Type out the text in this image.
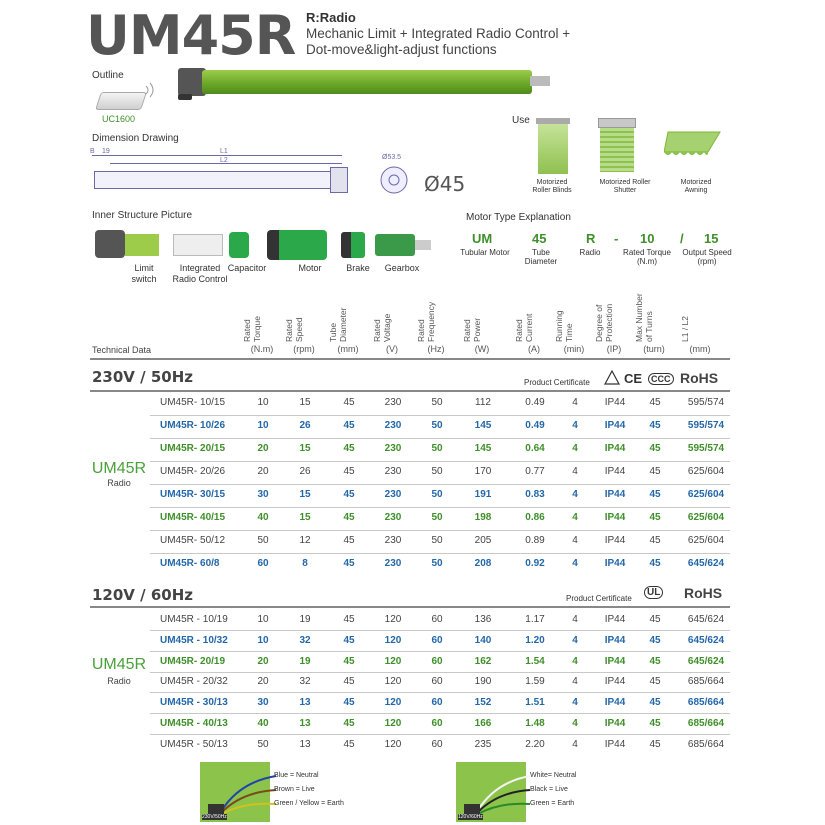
UM45R R:Radio
Mechanic Limit + Integrated Radio Control +
Dot-move&light-adjust functions
Outline
UC1600
Dimension Drawing
B 19	L1
L2	Ø53.5
Ø45
Use
Motorized
Roller Blinds
Motorized Roller
Shutter
Motorized
Awning
Inner Structure Picture
Limit
switch
Integrated
Radio Control
Capacitor	Motor	Brake	Gearbox
Motor Type Explanation
UM	45	R - 10 / 15
Tubular Motor	Tube
Diameter
Radio	Rated Torque
(N.m)
Output Speed
(rpm)
Technical Data
Rated
Torque
(N.m)
Rated
Speed
(rpm)
Tube
Diameter
(mm)
Rated
Voltage
(V)
Rated
Frequency
(Hz)
Rated
Power
(W)
Rated
Current
(A)
Running
Time
(min)
Degree of
Protection
(IP)
Max Number
of Turns
(turn)
L1 / L2
(mm)
230V / 50Hz	Product Certificate	CE CCC RoHS
UM45R
Radio
UM45R- 10/15	10	15	45	230	50	112	0.49	4	IP44	45	595/574
UM45R- 10/26	10	26	45	230	50	145	0.49	4	IP44	45	595/574
UM45R- 20/15	20	15	45	230	50	145	0.64	4	IP44	45	595/574
UM45R- 20/26	20	26	45	230	50	170	0.77	4	IP44	45	625/604
UM45R- 30/15	30	15	45	230	50	191	0.83	4	IP44	45	625/604
UM45R- 40/15	40	15	45	230	50	198	0.86	4	IP44	45	625/604
UM45R- 50/12	50	12	45	230	50	205	0.89	4	IP44	45	625/604
UM45R- 60/8	60	8	45	230	50	208	0.92	4	IP44	45	645/624
120V / 60Hz	Product Certificate
UL RoHS
UM45R
Radio
UM45R - 10/19	10	19	45	120	60	136	1.17	4	IP44	45	645/624
UM45R - 10/32	10	32	45	120	60	140	1.20	4	IP44	45	645/624
UM45R- 20/19	20	19	45	120	60	162	1.54	4	IP44	45	645/624
UM45R - 20/32	20	32	45	120	60	190	1.59	4	IP44	45	685/664
UM45R - 30/13	30	13	45	120	60	152	1.51	4	IP44	45	685/664
UM45R - 40/13	40	13	45	120	60	166	1.48	4	IP44	45	685/664
UM45R - 50/13	50	13	45	120	60	235	2.20	4	IP44	45	685/664
Blue = Neutral
Brown = Live
Green / Yellow = Earth
230V/50Hz
White= Neutral
Black = Live
Green = Earth
120V/60Hz
